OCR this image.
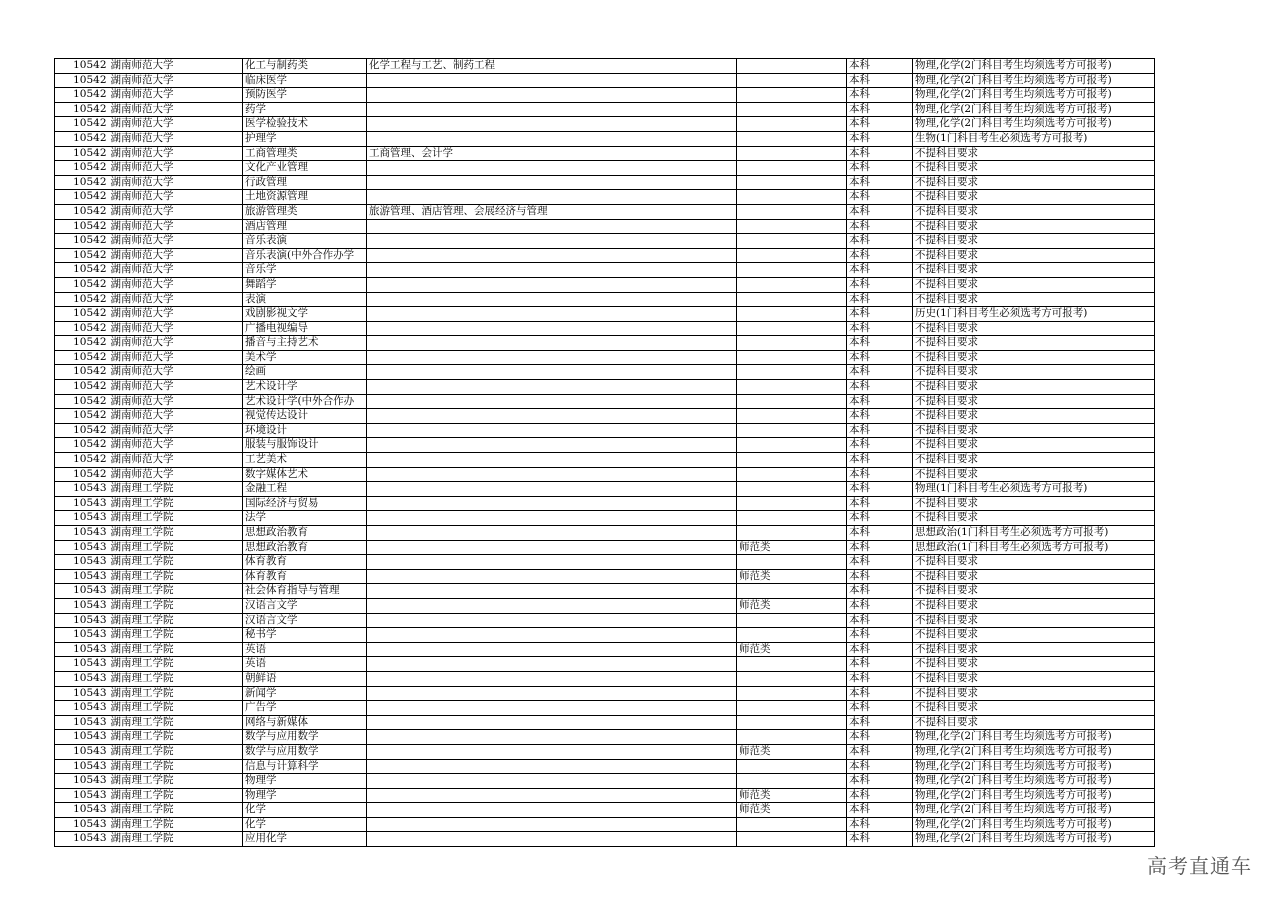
10542	湖南师范大学	化工与制药类	化学工程与工艺、制药工程		本科	物理,化学(2门科目考生均须选考方可报考)
10542	湖南师范大学	临床医学			本科	物理,化学(2门科目考生均须选考方可报考)
10542	湖南师范大学	预防医学			本科	物理,化学(2门科目考生均须选考方可报考)
10542	湖南师范大学	药学			本科	物理,化学(2门科目考生均须选考方可报考)
10542	湖南师范大学	医学检验技术			本科	物理,化学(2门科目考生均须选考方可报考)
10542	湖南师范大学	护理学			本科	生物(1门科目考生必须选考方可报考)
10542	湖南师范大学	工商管理类	工商管理、会计学		本科	不提科目要求
10542	湖南师范大学	文化产业管理			本科	不提科目要求
10542	湖南师范大学	行政管理			本科	不提科目要求
10542	湖南师范大学	土地资源管理			本科	不提科目要求
10542	湖南师范大学	旅游管理类	旅游管理、酒店管理、会展经济与管理		本科	不提科目要求
10542	湖南师范大学	酒店管理			本科	不提科目要求
10542	湖南师范大学	音乐表演			本科	不提科目要求
10542	湖南师范大学	音乐表演(中外合作办学			本科	不提科目要求
10542	湖南师范大学	音乐学			本科	不提科目要求
10542	湖南师范大学	舞蹈学			本科	不提科目要求
10542	湖南师范大学	表演			本科	不提科目要求
10542	湖南师范大学	戏剧影视文学			本科	历史(1门科目考生必须选考方可报考)
10542	湖南师范大学	广播电视编导			本科	不提科目要求
10542	湖南师范大学	播音与主持艺术			本科	不提科目要求
10542	湖南师范大学	美术学			本科	不提科目要求
10542	湖南师范大学	绘画			本科	不提科目要求
10542	湖南师范大学	艺术设计学			本科	不提科目要求
10542	湖南师范大学	艺术设计学(中外合作办			本科	不提科目要求
10542	湖南师范大学	视觉传达设计			本科	不提科目要求
10542	湖南师范大学	环境设计			本科	不提科目要求
10542	湖南师范大学	服装与服饰设计			本科	不提科目要求
10542	湖南师范大学	工艺美术			本科	不提科目要求
10542	湖南师范大学	数字媒体艺术			本科	不提科目要求
10543	湖南理工学院	金融工程			本科	物理(1门科目考生必须选考方可报考)
10543	湖南理工学院	国际经济与贸易			本科	不提科目要求
10543	湖南理工学院	法学			本科	不提科目要求
10543	湖南理工学院	思想政治教育			本科	思想政治(1门科目考生必须选考方可报考)
10543	湖南理工学院	思想政治教育		师范类	本科	思想政治(1门科目考生必须选考方可报考)
10543	湖南理工学院	体育教育			本科	不提科目要求
10543	湖南理工学院	体育教育		师范类	本科	不提科目要求
10543	湖南理工学院	社会体育指导与管理			本科	不提科目要求
10543	湖南理工学院	汉语言文学		师范类	本科	不提科目要求
10543	湖南理工学院	汉语言文学			本科	不提科目要求
10543	湖南理工学院	秘书学			本科	不提科目要求
10543	湖南理工学院	英语		师范类	本科	不提科目要求
10543	湖南理工学院	英语			本科	不提科目要求
10543	湖南理工学院	朝鲜语			本科	不提科目要求
10543	湖南理工学院	新闻学			本科	不提科目要求
10543	湖南理工学院	广告学			本科	不提科目要求
10543	湖南理工学院	网络与新媒体			本科	不提科目要求
10543	湖南理工学院	数学与应用数学			本科	物理,化学(2门科目考生均须选考方可报考)
10543	湖南理工学院	数学与应用数学		师范类	本科	物理,化学(2门科目考生均须选考方可报考)
10543	湖南理工学院	信息与计算科学			本科	物理,化学(2门科目考生均须选考方可报考)
10543	湖南理工学院	物理学			本科	物理,化学(2门科目考生均须选考方可报考)
10543	湖南理工学院	物理学		师范类	本科	物理,化学(2门科目考生均须选考方可报考)
10543	湖南理工学院	化学		师范类	本科	物理,化学(2门科目考生均须选考方可报考)
10543	湖南理工学院	化学			本科	物理,化学(2门科目考生均须选考方可报考)
10543	湖南理工学院	应用化学			本科	物理,化学(2门科目考生均须选考方可报考)
高考直通车
